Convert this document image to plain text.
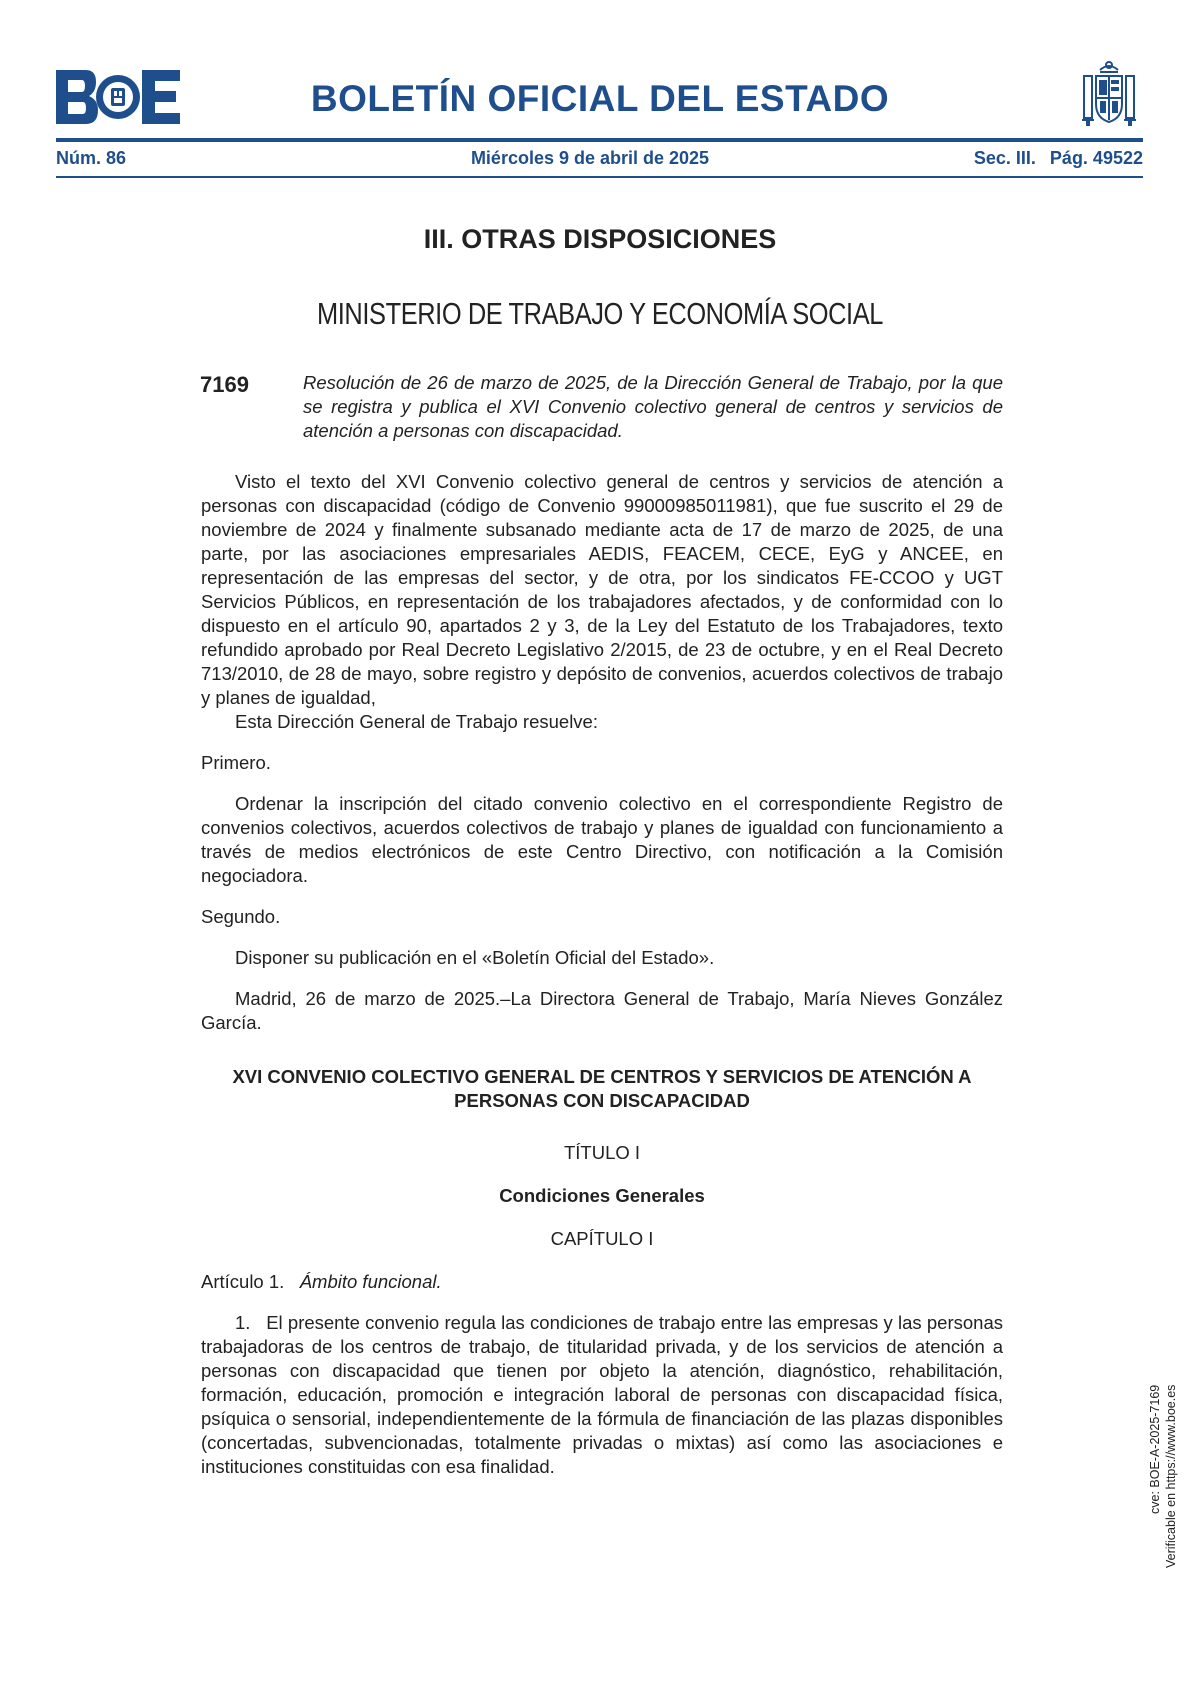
BOLETÍN OFICIAL DEL ESTADO
Núm. 86	Miércoles 9 de abril de 2025	Sec. III. Pág. 49522
III. OTRAS DISPOSICIONES
MINISTERIO DE TRABAJO Y ECONOMÍA SOCIAL
7169	Resolución de 26 de marzo de 2025, de la Dirección General de Trabajo, por la que se registra y publica el XVI Convenio colectivo general de centros y servicios de atención a personas con discapacidad.

Visto el texto del XVI Convenio colectivo general de centros y servicios de atención a personas con discapacidad (código de Convenio 99000985011981), que fue suscrito el 29 de noviembre de 2024 y finalmente subsanado mediante acta de 17 de marzo de 2025, de una parte, por las asociaciones empresariales AEDIS, FEACEM, CECE, EyG y ANCEE, en representación de las empresas del sector, y de otra, por los sindicatos FE-CCOO y UGT Servicios Públicos, en representación de los trabajadores afectados, y de conformidad con lo dispuesto en el artículo 90, apartados 2 y 3, de la Ley del Estatuto de los Trabajadores, texto refundido aprobado por Real Decreto Legislativo 2/2015, de 23 de octubre, y en el Real Decreto 713/2010, de 28 de mayo, sobre registro y depósito de convenios, acuerdos colectivos de trabajo y planes de igualdad,

Esta Dirección General de Trabajo resuelve:

Primero.

Ordenar la inscripción del citado convenio colectivo en el correspondiente Registro de convenios colectivos, acuerdos colectivos de trabajo y planes de igualdad con funcionamiento a través de medios electrónicos de este Centro Directivo, con notificación a la Comisión negociadora.

Segundo.

Disponer su publicación en el «Boletín Oficial del Estado».

Madrid, 26 de marzo de 2025.–La Directora General de Trabajo, María Nieves González García.

XVI CONVENIO COLECTIVO GENERAL DE CENTROS Y SERVICIOS DE ATENCIÓN A PERSONAS CON DISCAPACIDAD

TÍTULO I

Condiciones Generales

CAPÍTULO I

Artículo 1. Ámbito funcional.

1. El presente convenio regula las condiciones de trabajo entre las empresas y las personas trabajadoras de los centros de trabajo, de titularidad privada, y de los servicios de atención a personas con discapacidad que tienen por objeto la atención, diagnóstico, rehabilitación, formación, educación, promoción e integración laboral de personas con discapacidad física, psíquica o sensorial, independientemente de la fórmula de financiación de las plazas disponibles (concertadas, subvencionadas, totalmente privadas o mixtas) así como las asociaciones e instituciones constituidas con esa finalidad.	cve: BOE-A-2025-7169 Verificable en https://www.boe.es
